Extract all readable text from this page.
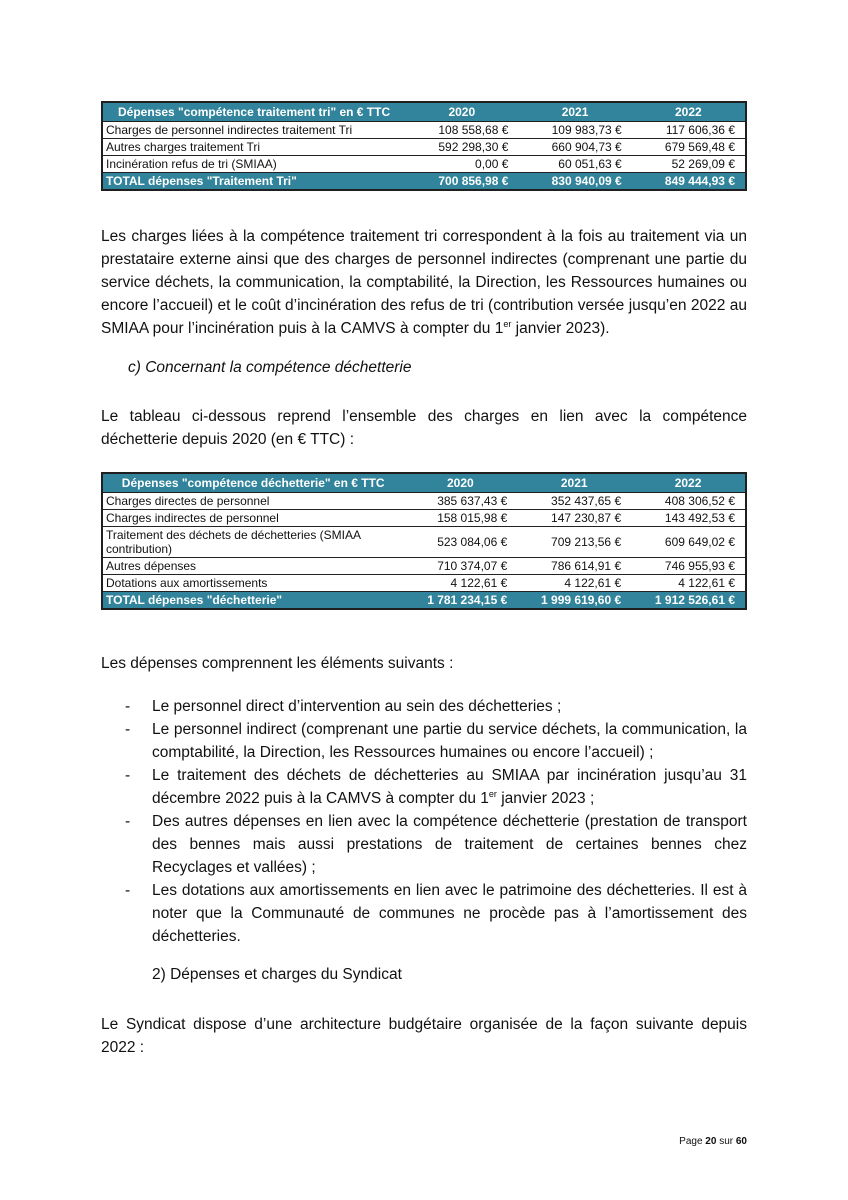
Dépenses "compétence traitement tri" en € TTC	2020	2021	2022
Charges de personnel indirectes traitement Tri	108 558,68 €	109 983,73 €	117 606,36 €
Autres charges traitement Tri	592 298,30 €	660 904,73 €	679 569,48 €
Incinération refus de tri (SMIAA)	0,00 €	60 051,63 €	52 269,09 €
TOTAL dépenses "Traitement Tri"	700 856,98 €	830 940,09 €	849 444,93 €
Les charges liées à la compétence traitement tri correspondent à la fois au traitement via un prestataire externe ainsi que des charges de personnel indirectes (comprenant une partie du service déchets, la communication, la comptabilité, la Direction, les Ressources humaines ou encore l’accueil) et le coût d’incinération des refus de tri (contribution versée jusqu’en 2022 au SMIAA pour l’incinération puis à la CAMVS à compter du 1er janvier 2023).
c) Concernant la compétence déchetterie
Le tableau ci-dessous reprend l’ensemble des charges en lien avec la compétence déchetterie depuis 2020 (en € TTC) :
Dépenses "compétence déchetterie" en € TTC	2020	2021	2022
Charges directes de personnel	385 637,43 €	352 437,65 €	408 306,52 €
Charges indirectes de personnel	158 015,98 €	147 230,87 €	143 492,53 €
Traitement des déchets de déchetteries (SMIAA contribution)	523 084,06 €	709 213,56 €	609 649,02 €
Autres dépenses	710 374,07 €	786 614,91 €	746 955,93 €
Dotations aux amortissements	4 122,61 €	4 122,61 €	4 122,61 €
TOTAL dépenses "déchetterie"	1 781 234,15 €	1 999 619,60 €	1 912 526,61 €
Les dépenses comprennent les éléments suivants :
- Le personnel direct d’intervention au sein des déchetteries ;
- Le personnel indirect (comprenant une partie du service déchets, la communication, la comptabilité, la Direction, les Ressources humaines ou encore l’accueil) ;
- Le traitement des déchets de déchetteries au SMIAA par incinération jusqu’au 31 décembre 2022 puis à la CAMVS à compter du 1er janvier 2023 ;
- Des autres dépenses en lien avec la compétence déchetterie (prestation de transport des bennes mais aussi prestations de traitement de certaines bennes chez Recyclages et vallées) ;
- Les dotations aux amortissements en lien avec le patrimoine des déchetteries. Il est à noter que la Communauté de communes ne procède pas à l’amortissement des déchetteries.
2) Dépenses et charges du Syndicat
Le Syndicat dispose d’une architecture budgétaire organisée de la façon suivante depuis 2022 :
Page 20 sur 60
